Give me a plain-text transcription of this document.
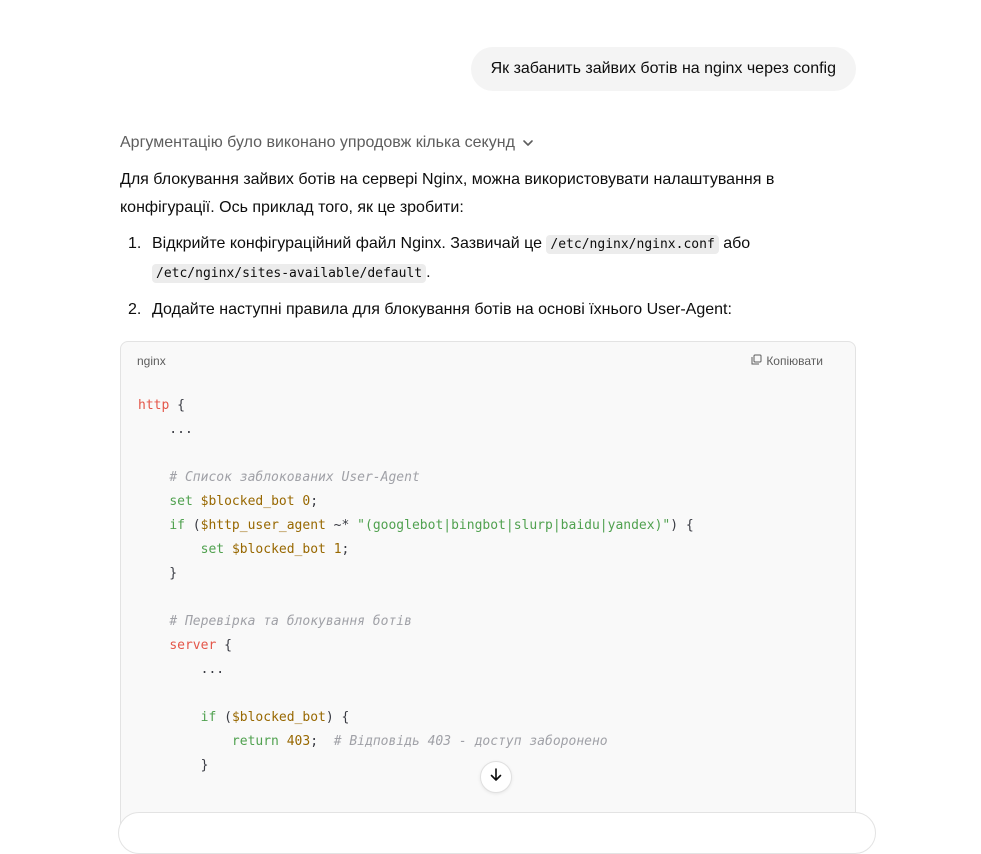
Як забанить зайвих ботів на nginx через config
Аргументацію було виконано упродовж кілька секунд

Для блокування зайвих ботів на сервері Nginx, можна використовувати налаштування в конфігурації. Ось приклад того, як це зробити:

1. Відкрийте конфігураційний файл Nginx. Зазвичай це /etc/nginx/nginx.conf або /etc/nginx/sites-available/default .
2. Додайте наступні правила для блокування ботів на основі їхнього User-Agent:
nginx	Копіювати
http {
...

# Список заблокованих User-Agent
set $blocked_bot 0;
if ($http_user_agent ~* "(googlebot|bingbot|slurp|baidu|yandex)") {
set $blocked_bot 1;
}

# Перевірка та блокування ботів
server {
...

if ($blocked_bot) {
return 403;  # Відповідь 403 - доступ заборонено
}
